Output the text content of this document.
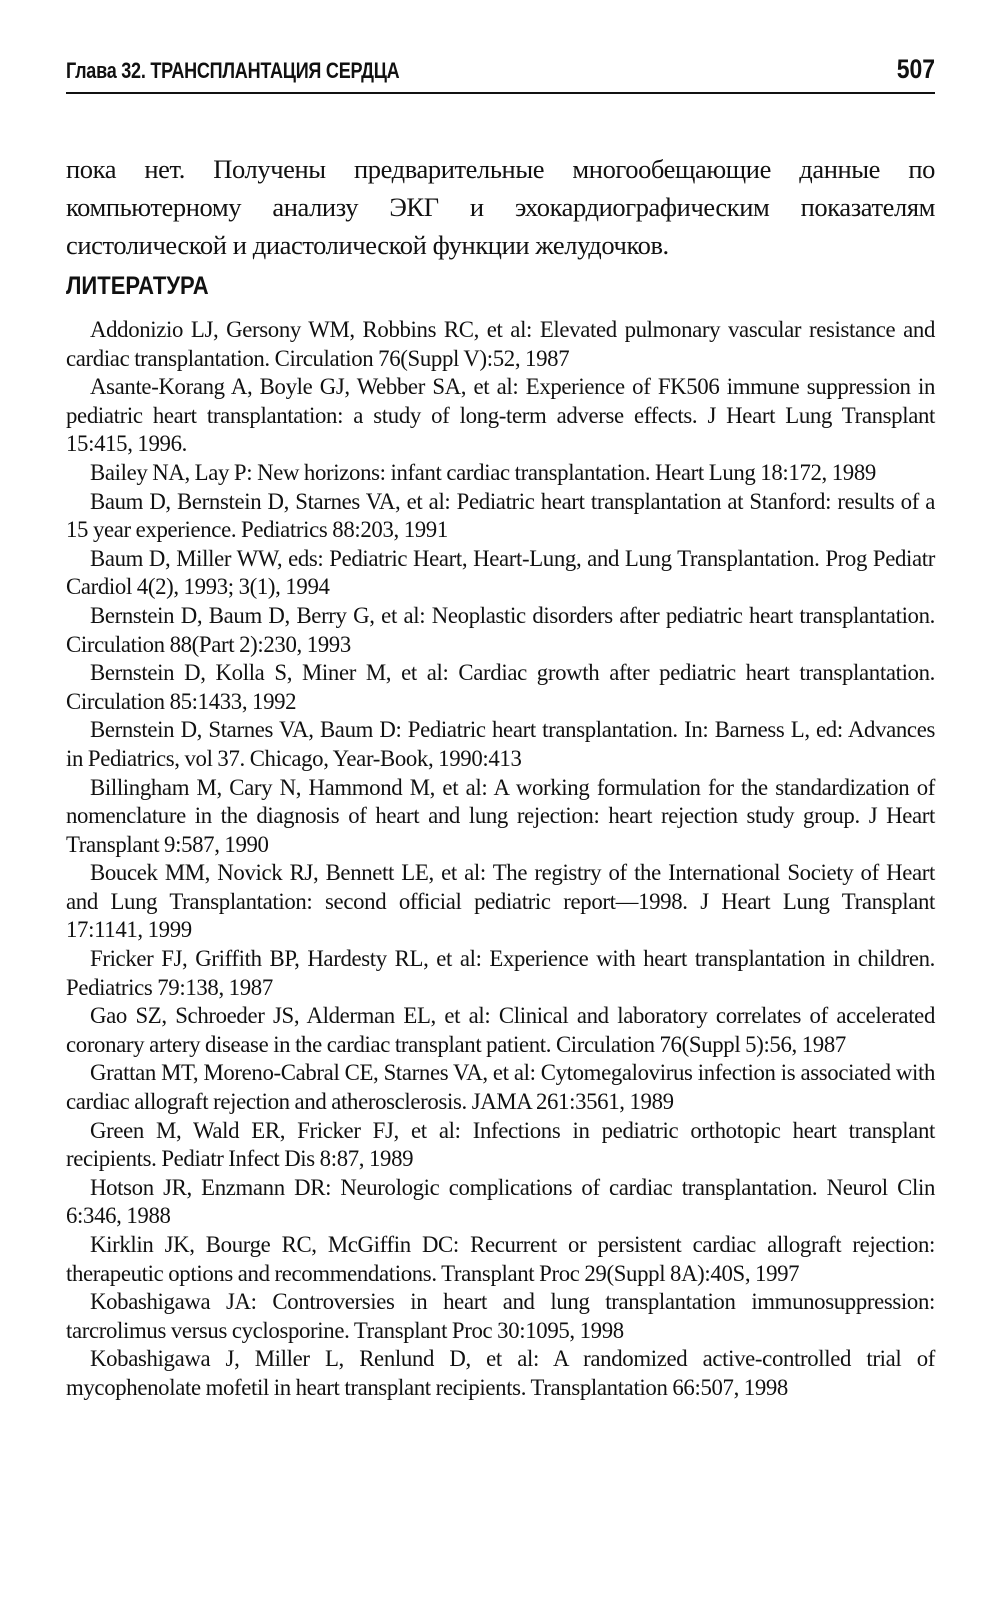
Глава 32. ТРАНСПЛАНТАЦИЯ СЕРДЦА	507

пока нет. Получены предварительные многообещающие данные по компьютерному анализу ЭКГ и эхокардиографическим показателям систолической и диастолической функции желудочков.

ЛИТЕРАТУРА

Addonizio LJ, Gersony WM, Robbins RC, et al: Elevated pulmonary vascular resistance and cardiac transplantation. Circulation 76(Suppl V):52, 1987

Asante-Korang A, Boyle GJ, Webber SA, et al: Experience of FK506 immune suppression in pediatric heart transplantation: a study of long-term adverse effects. J Heart Lung Transplant 15:415, 1996.

Bailey NA, Lay P: New horizons: infant cardiac transplantation. Heart Lung 18:172, 1989

Baum D, Bernstein D, Starnes VA, et al: Pediatric heart transplantation at Stanford: results of a 15 year experience. Pediatrics 88:203, 1991

Baum D, Miller WW, eds: Pediatric Heart, Heart-Lung, and Lung Transplantation. Prog Pediatr Cardiol 4(2), 1993; 3(1), 1994

Bernstein D, Baum D, Berry G, et al: Neoplastic disorders after pediatric heart transplantation. Circulation 88(Part 2):230, 1993

Bernstein D, Kolla S, Miner M, et al: Cardiac growth after pediatric heart transplantation. Circulation 85:1433, 1992

Bernstein D, Starnes VA, Baum D: Pediatric heart transplantation. In: Barness L, ed: Advances in Pediatrics, vol 37. Chicago, Year-Book, 1990:413

Billingham M, Cary N, Hammond M, et al: A working formulation for the standardization of nomenclature in the diagnosis of heart and lung rejection: heart rejection study group. J Heart Transplant 9:587, 1990

Boucek MM, Novick RJ, Bennett LE, et al: The registry of the International Society of Heart and Lung Transplantation: second official pediatric report—1998. J Heart Lung Transplant 17:1141, 1999

Fricker FJ, Griffith BP, Hardesty RL, et al: Experience with heart transplantation in children. Pediatrics 79:138, 1987

Gao SZ, Schroeder JS, Alderman EL, et al: Clinical and laboratory correlates of accelerated coronary artery disease in the cardiac transplant patient. Circulation 76(Suppl 5):56, 1987

Grattan MT, Moreno-Cabral CE, Starnes VA, et al: Cytomegalovirus infection is associated with cardiac allograft rejection and atherosclerosis. JAMA 261:3561, 1989

Green M, Wald ER, Fricker FJ, et al: Infections in pediatric orthotopic heart transplant recipients. Pediatr Infect Dis 8:87, 1989

Hotson JR, Enzmann DR: Neurologic complications of cardiac transplantation. Neurol Clin 6:346, 1988

Kirklin JK, Bourge RC, McGiffin DC: Recurrent or persistent cardiac allograft rejection: therapeutic options and recommendations. Transplant Proc 29(Suppl 8A):40S, 1997

Kobashigawa JA: Controversies in heart and lung transplantation immunosuppression: tarcrolimus versus cyclosporine. Transplant Proc 30:1095, 1998

Kobashigawa J, Miller L, Renlund D, et al: A randomized active-controlled trial of mycophenolate mofetil in heart transplant recipients. Transplantation 66:507, 1998
